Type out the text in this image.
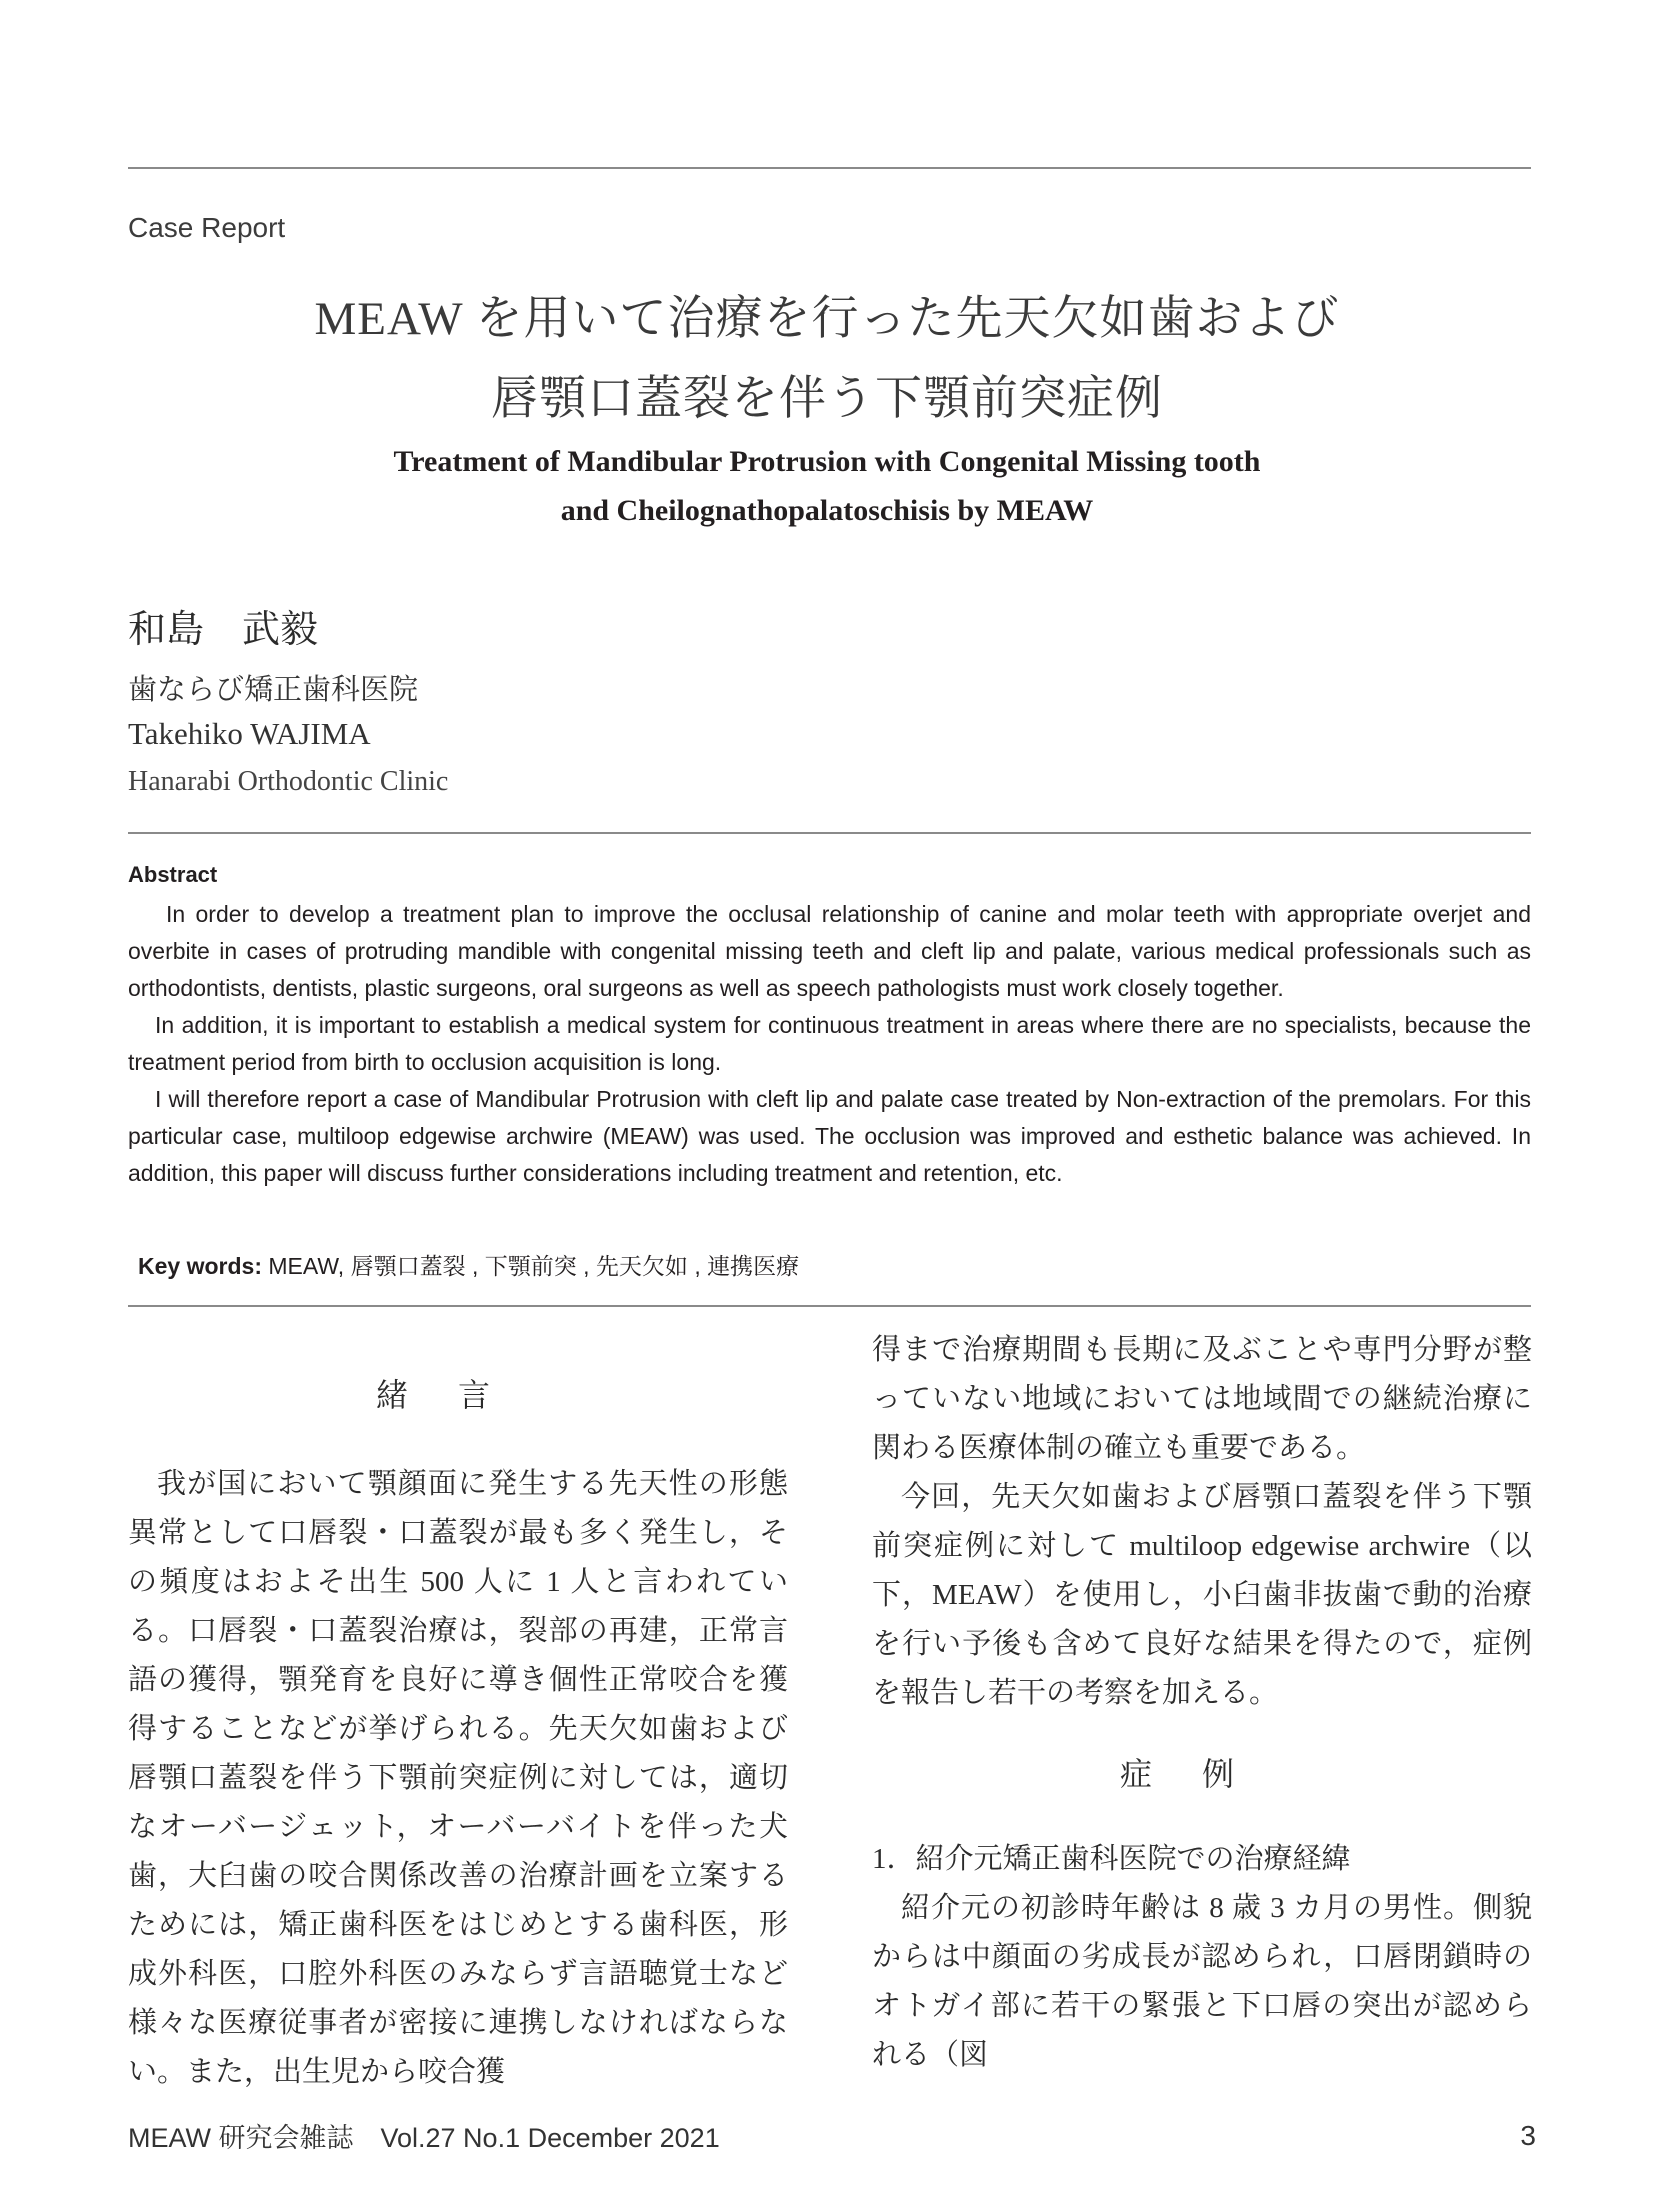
Case Report
MEAW を用いて治療を行った先天欠如歯および
唇顎口蓋裂を伴う下顎前突症例
Treatment of Mandibular Protrusion with Congenital Missing tooth
and Cheilognathopalatoschisis by MEAW
和島　武毅
歯ならび矯正歯科医院
Takehiko WAJIMA
Hanarabi Orthodontic Clinic
Abstract

In order to develop a treatment plan to improve the occlusal relationship of canine and molar teeth with appropriate overjet and overbite in cases of protruding mandible with congenital missing teeth and cleft lip and palate, various medical professionals such as orthodontists, dentists, plastic surgeons, oral surgeons as well as speech pathologists must work closely together.

In addition, it is important to establish a medical system for continuous treatment in areas where there are no specialists, because the treatment period from birth to occlusion acquisition is long.

I will therefore report a case of Mandibular Protrusion with cleft lip and palate case treated by Non-extraction of the premolars. For this particular case, multiloop edgewise archwire (MEAW) was used. The occlusion was improved and esthetic balance was achieved. In addition, this paper will discuss further considerations including treatment and retention, etc.

Key words: MEAW, 唇顎口蓋裂 , 下顎前突 , 先天欠如 , 連携医療
緒言

我が国において顎顔面に発生する先天性の形態異常として口唇裂・口蓋裂が最も多く発生し，その頻度はおよそ出生 500 人に 1 人と言われている。口唇裂・口蓋裂治療は，裂部の再建，正常言語の獲得，顎発育を良好に導き個性正常咬合を獲得することなどが挙げられる。先天欠如歯および唇顎口蓋裂を伴う下顎前突症例に対しては，適切なオーバージェット，オーバーバイトを伴った犬歯，大臼歯の咬合関係改善の治療計画を立案するためには，矯正歯科医をはじめとする歯科医，形成外科医，口腔外科医のみならず言語聴覚士など様々な医療従事者が密接に連携しなければならない。また，出生児から咬合獲

得まで治療期間も長期に及ぶことや専門分野が整っていない地域においては地域間での継続治療に関わる医療体制の確立も重要である。

今回，先天欠如歯および唇顎口蓋裂を伴う下顎前突症例に対して multiloop edgewise archwire（以下，MEAW）を使用し，小臼歯非抜歯で動的治療を行い予後も含めて良好な結果を得たので，症例を報告し若干の考察を加える。

症例

1．紹介元矯正歯科医院での治療経緯

紹介元の初診時年齢は 8 歳 3 カ月の男性。側貌からは中顔面の劣成長が認められ，口唇閉鎖時のオトガイ部に若干の緊張と下口唇の突出が認められる（図

MEAW 研究会雑誌　Vol.27 No.1 December 2021	3
